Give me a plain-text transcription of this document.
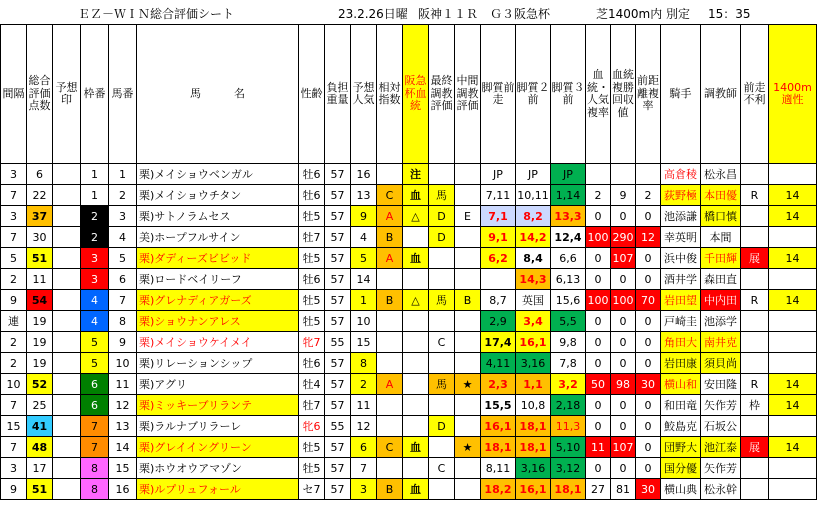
ＥＺ－ＷＩＮ総合評価シート	23.2.26日曜 阪神１１Ｒ　Ｇ３阪急杯	芝1400m内 別定 15：35
間隔	総合評価点数	予想印	枠番	馬番	馬　　　名	性齢	負担重量	予想人気	相対指数	阪急杯血統	最終調教評価	中間調教評価	脚質前走	脚質２前	脚質３前	血統・人気複率	血統複勝回収値	前距離複率	騎手	調教師	前走不利	1400m適性
3	6		1	1	栗)メイショウベンガル	牡6	57	16		注			JP	JP	JP				高倉稜	松永昌		
7	22		1	2	栗)メイショウチタン	牡6	57	13	C	血	馬		7,11	10,11	1,14	2	9	2	荻野極	本田優	R	14
3	37		2	3	栗)サトノラムセス	牡5	57	9	A	△	D	E	7,1	8,2	13,3	0	0	0	池添謙	橋口慎		14
7	30		2	4	美)ホープフルサイン	牡7	57	4	B		D		9,1	14,2	12,4	100	290	12	幸英明	本間		
5	51		3	5	栗)ダディーズビビッド	牡5	57	5	A	血			6,2	8,4	6,6	0	107	0	浜中俊	千田輝	展	14
2	11		3	6	栗)ロードベイリーフ	牡6	57	14						14,3	6,13	0	0	0	酒井学	森田直		
9	54		4	7	栗)グレナディアガーズ	牡5	57	1	B	△	馬	B	8,7	英国	15,6	100	100	70	岩田望	中内田	R	14
連	19		4	8	栗)ショウナンアレス	牡5	57	10					2,9	3,4	5,5	0	0	0	戸崎圭	池添学		
2	19		5	9	栗)メイショウケイメイ	牝7	55	15			C		17,4	16,1	9,8	0	0	0	角田大	南井克		
2	19		5	10	栗)リレーションシップ	牡6	57	8					4,11	3,16	7,8	0	0	0	岩田康	須貝尚		
10	52		6	11	栗)アグリ	牡4	57	2	A		馬	★	2,3	1,1	3,2	50	98	30	横山和	安田隆	R	14
7	25		6	12	栗)ミッキーブリランテ	牡7	57	11					15,5	10,8	2,18	0	0	0	和田竜	矢作芳	枠	14
15	41		7	13	栗)ラルナブリラーレ	牝6	55	12			D		16,1	18,1	11,3	0	0	0	鮫島克	石坂公		
7	48		7	14	栗)グレイイングリーン	牡5	57	6	C	血		★	18,1	18,1	5,10	11	107	0	団野大	池江泰	展	14
3	17		8	15	栗)ホウオウアマゾン	牡5	57	7			C		8,11	3,16	3,12	0	0	0	国分優	矢作芳		
9	51		8	16	栗)ルプリュフォール	セ7	57	3	B	血			18,2	16,1	18,1	27	81	30	横山典	松永幹		
